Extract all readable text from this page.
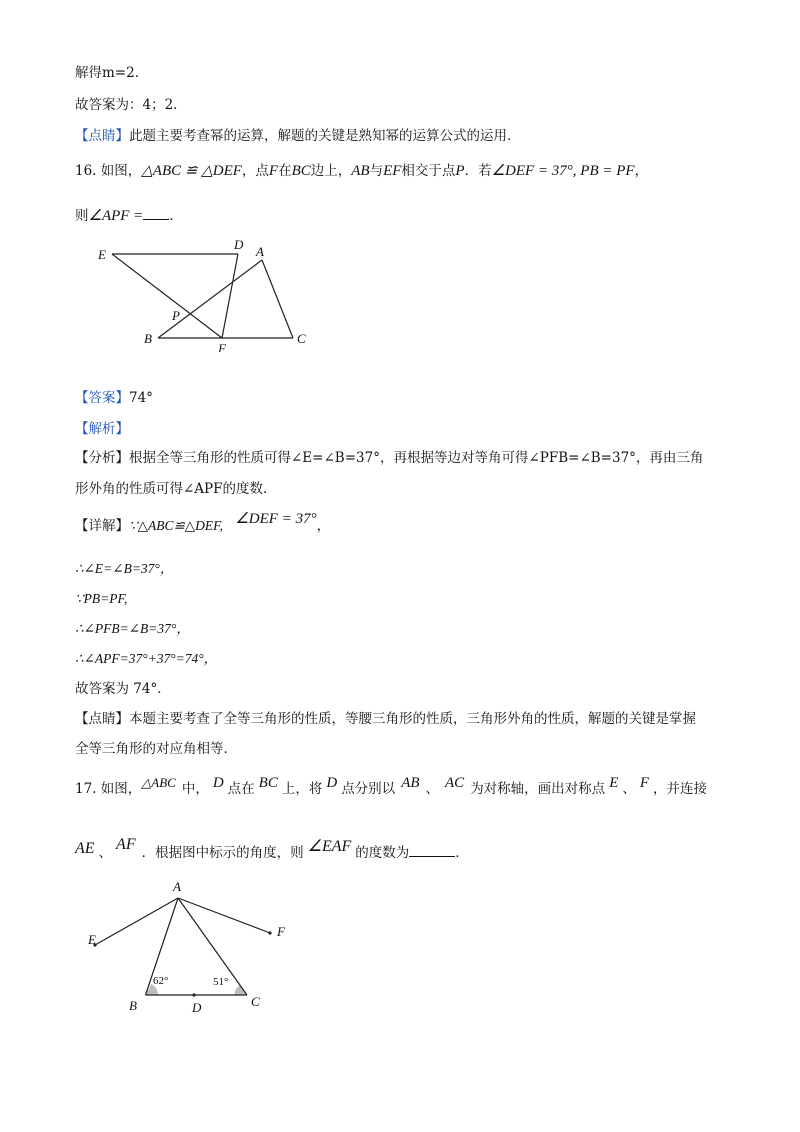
解得m=2．
故答案为：4；2．
【点睛】此题主要考查幂的运算，解题的关键是熟知幂的运算公式的运用．
16. 如图，△ABC ≌ △DEF，点F在BC边上，AB与EF相交于点P．若∠DEF = 37°, PB = PF，
则∠APF = ．
E
D A
P
B
F
C
【答案】74°
【解析】
【分析】根据全等三角形的性质可得∠E=∠B=37°，再根据等边对等角可得∠PFB=∠B=37°，再由三角
形外角的性质可得∠APF的度数．
【详解】∵△ABC≌△DEF, ∠DEF = 37°，
∴∠E=∠B=37°，
∵PB=PF,
∴∠PFB=∠B=37°，
∴∠APF=37°+37°=74°，
故答案为 74°．
【点睛】本题主要考查了全等三角形的性质，等腰三角形的性质，三角形外角的性质，解题的关键是掌握
全等三角形的对应角相等．
17. 如图，△ABC 中， D 点在 BC 上，将 D 点分别以 AB 、 AC 为对称轴，画出对称点 E 、 F ，并连接
AE 、 AF ．根据图中标示的角度，则 ∠EAF 的度数为	．
A
E
F
B	D	C
62°	51°
